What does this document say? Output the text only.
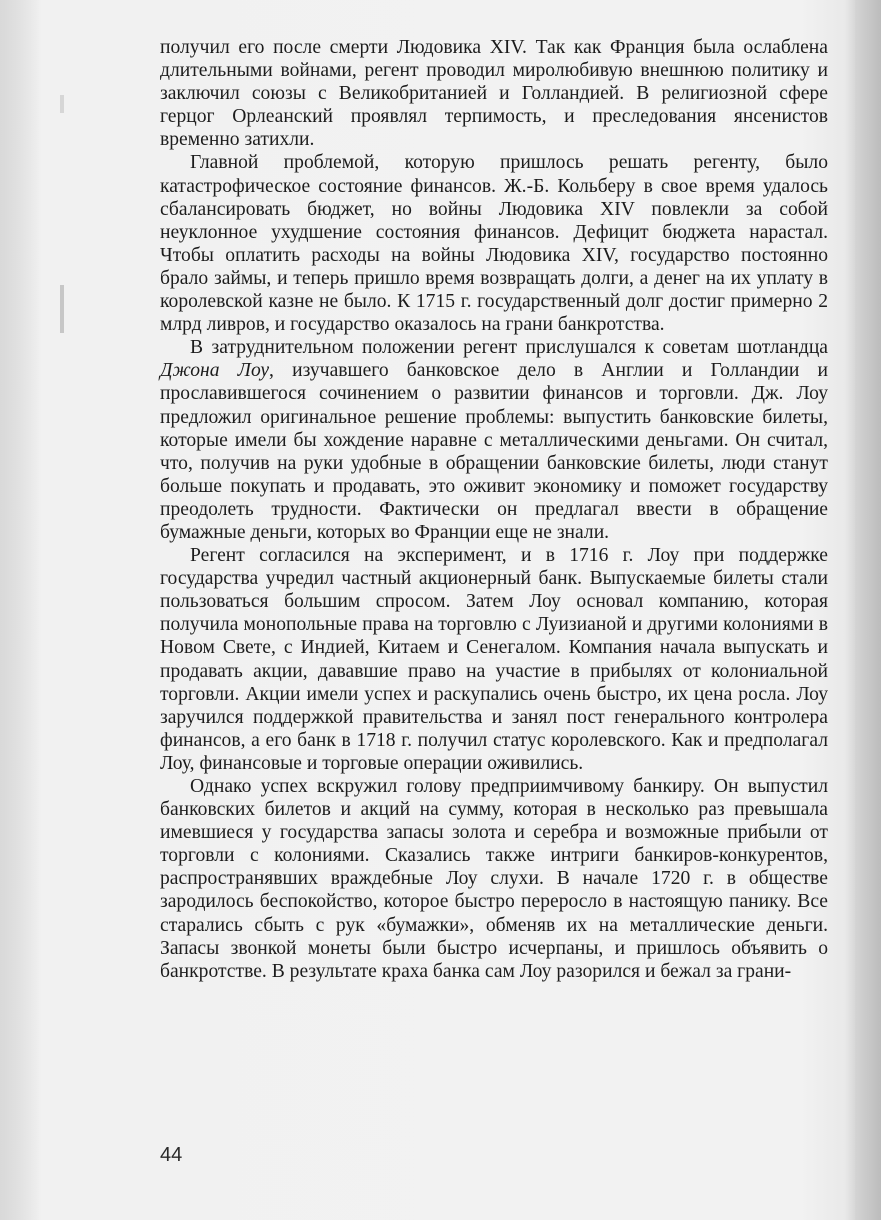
получил его после смерти Людовика XIV. Так как Франция была ослаблена длительными войнами, регент проводил миролюбивую внешнюю политику и заключил союзы с Великобританией и Голландией. В религиозной сфере герцог Орлеанский проявлял терпимость, и преследования янсенистов временно затихли.

Главной проблемой, которую пришлось решать регенту, было катастрофическое состояние финансов. Ж.-Б. Кольберу в свое время удалось сбалансировать бюджет, но войны Людовика XIV повлекли за собой неуклонное ухудшение состояния финансов. Дефицит бюджета нарастал. Чтобы оплатить расходы на войны Людовика XIV, государство постоянно брало займы, и теперь пришло время возвращать долги, а денег на их уплату в королевской казне не было. К 1715 г. государственный долг достиг примерно 2 млрд ливров, и государство оказалось на грани банкротства.

В затруднительном положении регент прислушался к советам шотландца Джона Лоу, изучавшего банковское дело в Англии и Голландии и прославившегося сочинением о развитии финансов и торговли. Дж. Лоу предложил оригинальное решение проблемы: выпустить банковские билеты, которые имели бы хождение наравне с металлическими деньгами. Он считал, что, получив на руки удобные в обращении банковские билеты, люди станут больше покупать и продавать, это оживит экономику и поможет государству преодолеть трудности. Фактически он предлагал ввести в обращение бумажные деньги, которых во Франции еще не знали.

Регент согласился на эксперимент, и в 1716 г. Лоу при поддержке государства учредил частный акционерный банк. Выпускаемые билеты стали пользоваться большим спросом. Затем Лоу основал компанию, которая получила монопольные права на торговлю с Луизианой и другими колониями в Новом Свете, с Индией, Китаем и Сенегалом. Компания начала выпускать и продавать акции, дававшие право на участие в прибылях от колониальной торговли. Акции имели успех и раскупались очень быстро, их цена росла. Лоу заручился поддержкой правительства и занял пост генерального контролера финансов, а его банк в 1718 г. получил статус королевского. Как и предполагал Лоу, финансовые и торговые операции оживились.

Однако успех вскружил голову предприимчивому банкиру. Он выпустил банковских билетов и акций на сумму, которая в несколько раз превышала имевшиеся у государства запасы золота и серебра и возможные прибыли от торговли с колониями. Сказались также интриги банкиров-конкурентов, распространявших враждебные Лоу слухи. В начале 1720 г. в обществе зародилось беспокойство, которое быстро переросло в настоящую панику. Все старались сбыть с рук «бумажки», обменяв их на металлические деньги. Запасы звонкой монеты были быстро исчерпаны, и пришлось объявить о банкротстве. В результате краха банка сам Лоу разорился и бежал за грани-

44
